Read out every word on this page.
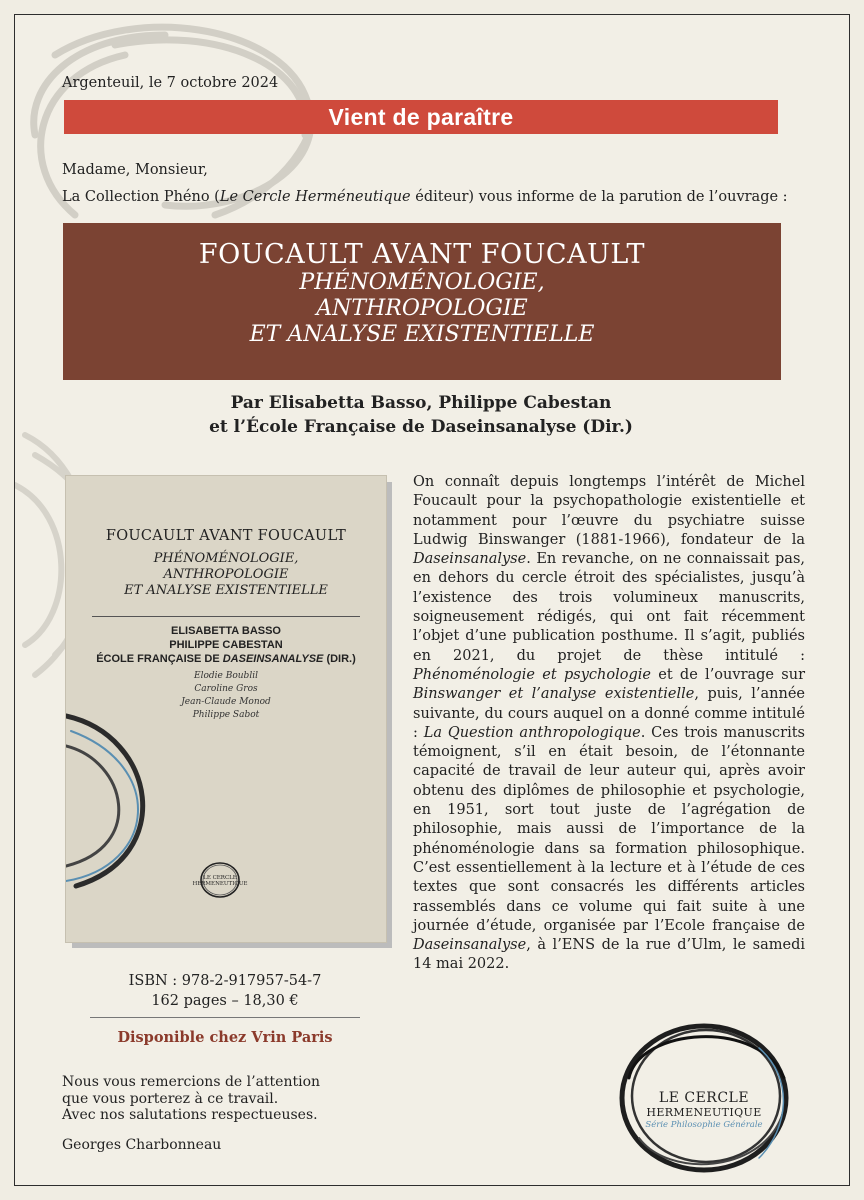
Argenteuil, le 7 octobre 2024
Vient de paraître
Madame, Monsieur,
La Collection Phéno (Le Cercle Herméneutique éditeur) vous informe de la parution de l’ouvrage :
FOUCAULT AVANT FOUCAULT
PHÉNOMÉNOLOGIE,
ANTHROPOLOGIE
ET ANALYSE EXISTENTIELLE
Par Elisabetta Basso, Philippe Cabestan
et l’École Française de Daseinsanalyse (Dir.)
FOUCAULT AVANT FOUCAULT
PHÉNOMÉNOLOGIE,
ANTHROPOLOGIE
ET ANALYSE EXISTENTIELLE
ELISABETTA BASSO
PHILIPPE CABESTAN
ÉCOLE FRANÇAISE DE DASEINSANALYSE (DIR.)
Elodie Boublil
Caroline Gros
Jean-Claude Monod
Philippe Sabot
LE CERCLE
HERMENEUTIQUE
On connaît depuis longtemps l’intérêt de Michel Foucault pour la psychopathologie existentielle et notamment pour l’œuvre du psychiatre suisse Ludwig Binswanger (1881-1966), fondateur de la Daseinsanalyse. En revanche, on ne connaissait pas, en dehors du cercle étroit des spécialistes, jusqu’à l’existence des trois volumineux manuscrits, soigneusement rédigés, qui ont fait récemment l’objet d’une publication posthume. Il s’agit, publiés en 2021, du projet de thèse intitulé : Phénoménologie et psychologie et de l’ouvrage sur Binswanger et l’analyse existentielle, puis, l’année suivante, du cours auquel on a donné comme intitulé : La Question anthropologique. Ces trois manuscrits témoignent, s’il en était besoin, de l’étonnante capacité de travail de leur auteur qui, après avoir obtenu des diplômes de philosophie et psychologie, en 1951, sort tout juste de l’agrégation de philosophie, mais aussi de l’importance de la phénoménologie dans sa formation philosophique. C’est essentiellement à la lecture et à l’étude de ces textes que sont consacrés les différents articles rassemblés dans ce volume qui fait suite à une journée d’étude, organisée par l’Ecole française de Daseinsanalyse, à l’ENS de la rue d’Ulm, le samedi 14 mai 2022.
ISBN : 978-2-917957-54-7
162 pages – 18,30 €
Disponible chez Vrin Paris
Nous vous remercions de l’attention
que vous porterez à ce travail.
Avec nos salutations respectueuses.
Georges Charbonneau
LE CERCLE
HERMENEUTIQUE
Série Philosophie Générale
